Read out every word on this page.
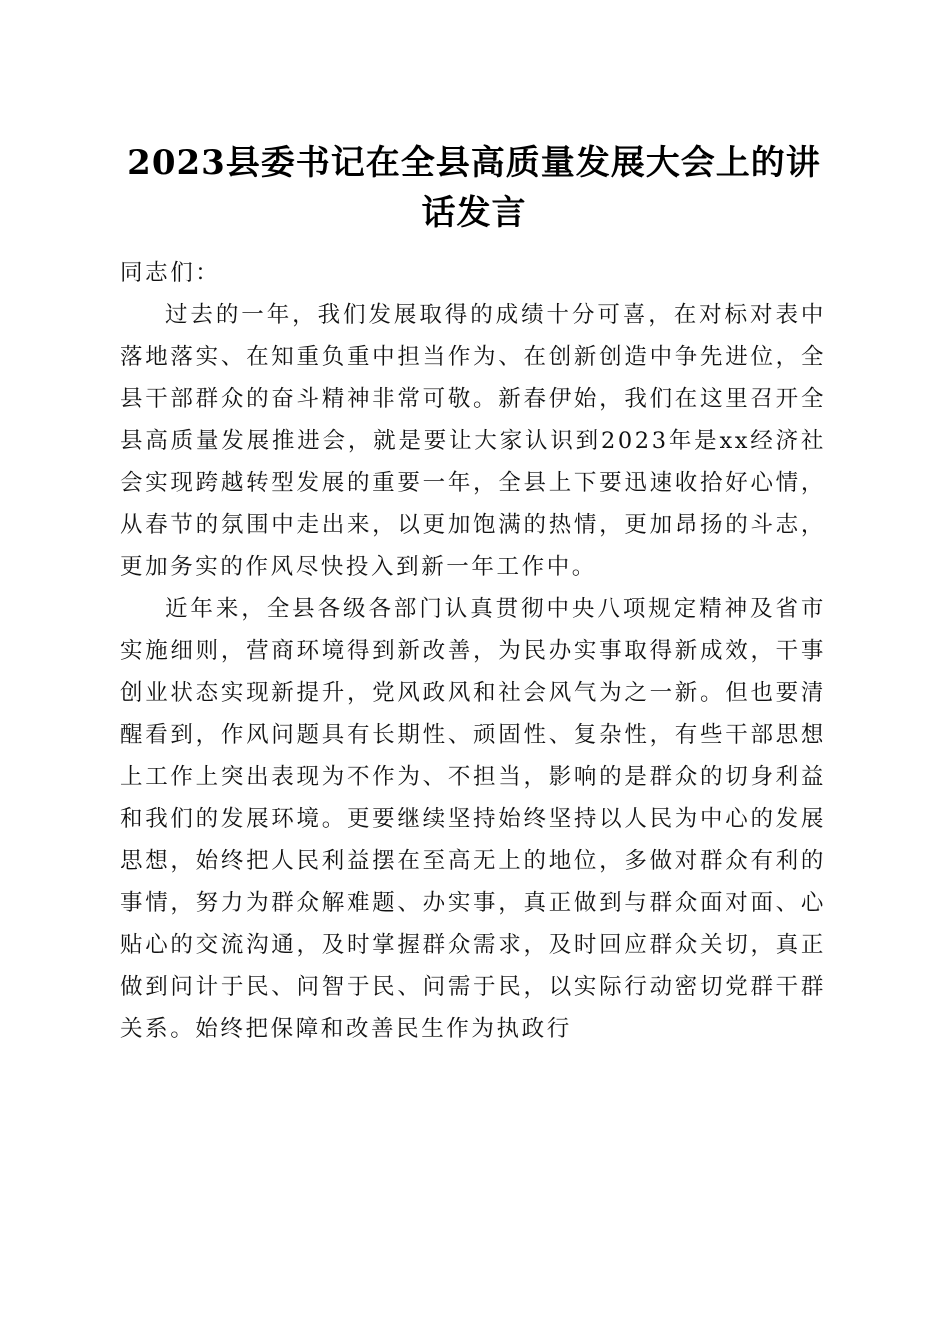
2023县委书记在全县高质量发展大会上的讲话发言

同志们：

过去的一年，我们发展取得的成绩十分可喜，在对标对表中落地落实、在知重负重中担当作为、在创新创造中争先进位，全县干部群众的奋斗精神非常可敬。新春伊始，我们在这里召开全县高质量发展推进会，就是要让大家认识到2023年是xx经济社会实现跨越转型发展的重要一年，全县上下要迅速收拾好心情，从春节的氛围中走出来，以更加饱满的热情，更加昂扬的斗志，更加务实的作风尽快投入到新一年工作中。

近年来，全县各级各部门认真贯彻中央八项规定精神及省市实施细则，营商环境得到新改善，为民办实事取得新成效，干事创业状态实现新提升，党风政风和社会风气为之一新。但也要清醒看到，作风问题具有长期性、顽固性、复杂性，有些干部思想上工作上突出表现为不作为、不担当，影响的是群众的切身利益和我们的发展环境。更要继续坚持始终坚持以人民为中心的发展思想，始终把人民利益摆在至高无上的地位，多做对群众有利的事情，努力为群众解难题、办实事，真正做到与群众面对面、心贴心的交流沟通，及时掌握群众需求，及时回应群众关切，真正做到问计于民、问智于民、问需于民，以实际行动密切党群干群关系。始终把保障和改善民生作为执政行
